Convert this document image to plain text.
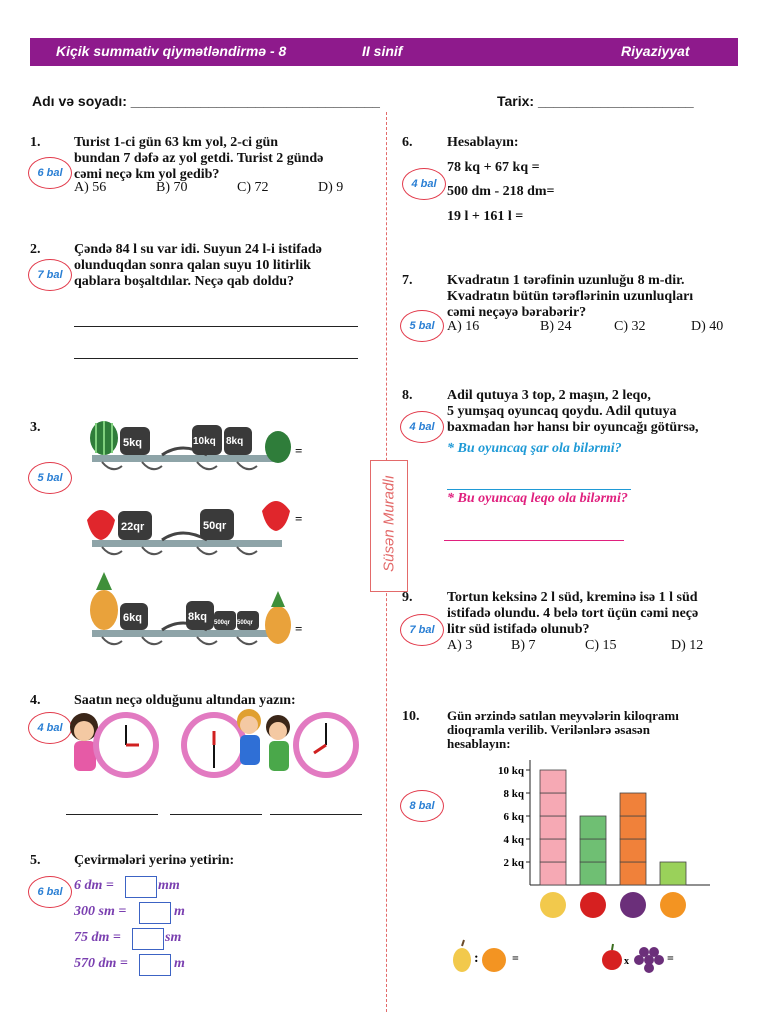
Kiçik summativ qiymətləndirmə - 8	II sinif	Riyaziyyat
Adı və soyadı: ________________________________	Tarix: ____________________
Süsən Muradlı
1.
6 bal
Turist 1-ci gün 63 km yol, 2-ci gün
bundan 7 dəfə az yol getdi. Turist 2 gündə
cəmi neçə km yol gedib?
A) 56	B) 70	C) 72	D) 9
2.
7 bal
Çəndə 84 l su var idi. Suyun 24 l-i istifadə
olunduqdan sonra qalan suyu 10 litirlik
qablara boşaltdılar. Neçə qab doldu?
3.
5 bal
5kq	10kq 8kq
=
22qr	50qr	=
6kq	8kq 500qr 500qr	=
4.
4 bal
Saatın neçə olduğunu altından yazın:
5.
6 bal
Çevirmələri yerinə yetirin:
6 dm =	mm
300 sm =	m
75 dm =	sm
570 dm =	m
6.
4 bal
Hesablayın:
78 kq + 67 kq =
500 dm - 218 dm=
19 l + 161 l =
7.
5 bal
Kvadratın 1 tərəfinin uzunluğu 8 m-dir.
Kvadratın bütün tərəflərinin uzunluqları
cəmi neçəyə bərabərir?
A) 16	B) 24	C) 32	D) 40
8.
4 bal
Adil qutuya 3 top, 2 maşın, 2 leqo,
5 yumşaq oyuncaq qoydu. Adil qutuya
baxmadan hər hansı bir oyuncağı götürsə,
* Bu oyuncaq şar ola bilərmi?
* Bu oyuncaq leqo ola bilərmi?
9.
7 bal
Tortun keksinə 2 l süd, kreminə isə 1 l süd
istifadə olundu. 4 belə tort üçün cəmi neçə
litr süd istifadə olunub?
A) 3	B) 7	C) 15	D) 12
10.
8 bal
Gün ərzində satılan meyvələrin kiloqramı
dioqramla verilib. Verilənlərə əsasən
hesablayın:
2 kq
4 kq
6 kq
8 kq
10 kq
:	=	x	=
